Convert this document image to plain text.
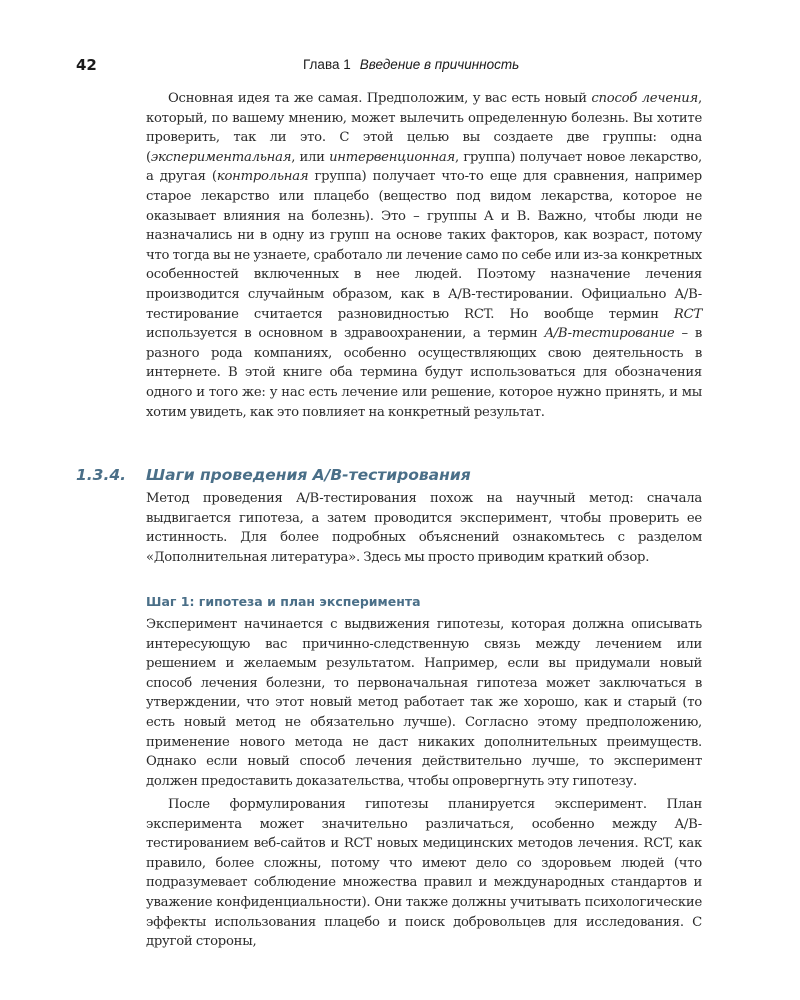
42	Глава 1 Введение в причинность

Основная идея та же самая. Предположим, у вас есть новый способ лечения, который, по вашему мнению, может вылечить определенную болезнь. Вы хотите проверить, так ли это. С этой целью вы создаете две группы: одна (экспериментальная, или интервенционная, группа) получает новое лекарство, а другая (контрольная группа) получает что-то еще для сравнения, например старое лекарство или плацебо (вещество под видом лекарства, которое не оказывает влияния на болезнь). Это – группы A и B. Важно, чтобы люди не назначались ни в одну из групп на основе таких факторов, как возраст, потому что тогда вы не узнаете, сработало ли лечение само по себе или из-за конкретных особенностей включенных в нее людей. Поэтому назначение лечения производится случайным образом, как в A/B-тестировании. Официально A/B-тестирование считается разновидностью RCT. Но вообще термин RCT используется в основном в здравоохранении, а термин A/B-тестирование – в разного рода компаниях, особенно осуществляющих свою деятельность в интернете. В этой книге оба термина будут использоваться для обозначения одного и того же: у нас есть лечение или решение, которое нужно принять, и мы хотим увидеть, как это повлияет на конкретный результат.

1.3.4. Шаги проведения A/B-тестирования

Метод проведения A/B-тестирования похож на научный метод: сначала выдвигается гипотеза, а затем проводится эксперимент, чтобы проверить ее истинность. Для более подробных объяснений ознакомьтесь с разделом «Дополнительная литература». Здесь мы просто приводим краткий обзор.

Шаг 1: гипотеза и план эксперимента

Эксперимент начинается с выдвижения гипотезы, которая должна описывать интересующую вас причинно-следственную связь между лечением или решением и желаемым результатом. Например, если вы придумали новый способ лечения болезни, то первоначальная гипотеза может заключаться в утверждении, что этот новый метод работает так же хорошо, как и старый (то есть новый метод не обязательно лучше). Согласно этому предположению, применение нового метода не даст никаких дополнительных преимуществ. Однако если новый способ лечения действительно лучше, то эксперимент должен предоставить доказательства, чтобы опровергнуть эту гипотезу.

После формулирования гипотезы планируется эксперимент. План эксперимента может значительно различаться, особенно между A/B-тестированием веб-сайтов и RCT новых медицинских методов лечения. RCT, как правило, более сложны, потому что имеют дело со здоровьем людей (что подразумевает соблюдение множества правил и международных стандартов и уважение конфиденциальности). Они также должны учитывать психологические эффекты использования плацебо и поиск добровольцев для исследования. С другой стороны,
